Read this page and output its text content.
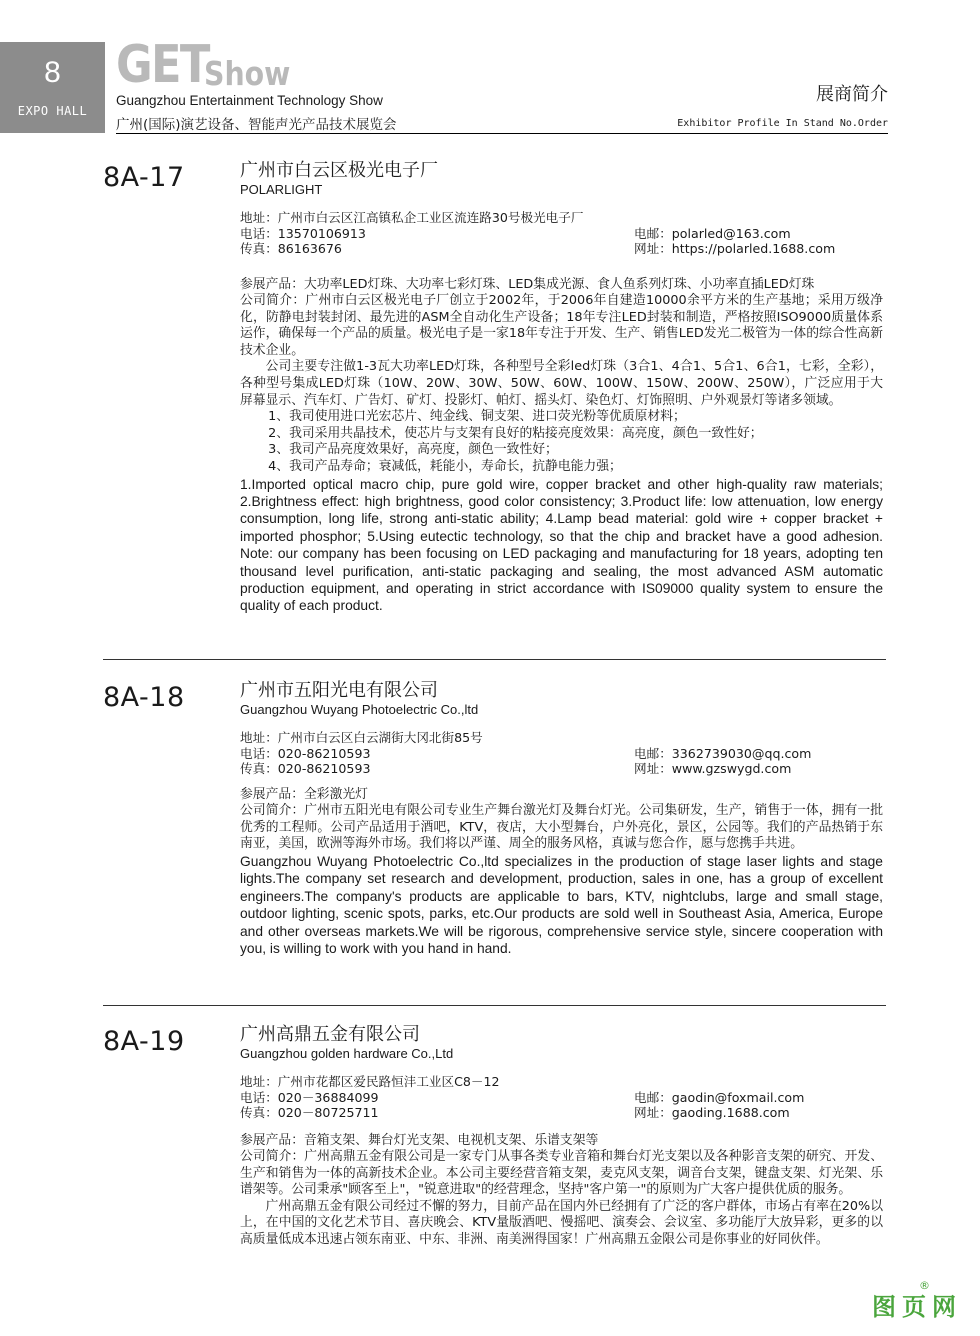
8
EXPO HALL
GET
Show
Guangzhou Entertainment Technology Show
广州(国际)演艺设备、智能声光产品技术展览会
展商简介
Exhibitor Profile In Stand No.Order
8A-17	广州市白云区极光电子厂
POLARLIGHT
地址：广州市白云区江高镇私企工业区流连路30号极光电子厂
电话：13570106913	电邮：polarled@163.com
传真：86163676	网址：https://polarled.1688.com

参展产品：大功率LED灯珠、大功率七彩灯珠、LED集成光源、食人鱼系列灯珠、小功率直插LED灯珠

公司简介：广州市白云区极光电子厂创立于2002年，于2006年自建造10000余平方米的生产基地；采用万级净化，防静电封装封闭、最先进的ASM全自动化生产设备；18年专注LED封装和制造，严格按照ISO9000质量体系运作，确保每一个产品的质量。极光电子是一家18年专注于开发、生产、销售LED发光二极管为一体的综合性高新技术企业。

公司主要专注做1-3瓦大功率LED灯珠，各种型号全彩led灯珠（3合1、4合1、5合1、6合1，七彩，全彩），各种型号集成LED灯珠（10W、20W、30W、50W、60W、100W、150W、200W、250W），广泛应用于大屏幕显示、汽车灯、广告灯、矿灯、投影灯、帕灯、摇头灯、染色灯、灯饰照明、户外观景灯等诸多领域。

1、我司使用进口光宏芯片、纯金线、铜支架、进口荧光粉等优质原材料；
2、我司采用共晶技术，使芯片与支架有良好的粘接亮度效果：高亮度，颜色一致性好；
3、我司产品亮度效果好，高亮度，颜色一致性好；
4、我司产品寿命；衰减低，耗能小，寿命长，抗静电能力强；

1.Imported optical macro chip, pure gold wire, copper bracket and other high-quality raw materials; 2.Brightness effect: high brightness, good color consistency; 3.Product life: low attenuation, low energy consumption, long life, strong anti-static ability; 4.Lamp bead material: gold wire + copper bracket + imported phosphor; 5.Using eutectic technology, so that the chip and bracket have a good adhesion. Note: our company has been focusing on LED packaging and manufacturing for 18 years, adopting ten thousand level purification, anti-static packaging and sealing, the most advanced ASM automatic production equipment, and operating in strict accordance with IS09000 quality system to ensure the quality of each product.

8A-18	广州市五阳光电有限公司
Guangzhou Wuyang Photoelectric Co.,ltd
地址：广州市白云区白云湖街大冈北街85号
电话：020-86210593	电邮：3362739030@qq.com
传真：020-86210593	网址：www.gzswygd.com

参展产品：全彩激光灯

公司简介：广州市五阳光电有限公司专业生产舞台激光灯及舞台灯光。公司集研发，生产，销售于一体，拥有一批优秀的工程师。公司产品适用于酒吧，KTV，夜店，大小型舞台，户外亮化，景区，公园等。我们的产品热销于东南亚，美国，欧洲等海外市场。我们将以严谨、周全的服务风格，真诚与您合作，愿与您携手共进。

Guangzhou Wuyang Photoelectric Co.,ltd specializes in the production of stage laser lights and stage lights.The company set research and development, production, sales in one, has a group of excellent engineers.The company's products are applicable to bars, KTV, nightclubs, large and small stage, outdoor lighting, scenic spots, parks, etc.Our products are sold well in Southeast Asia, America, Europe and other overseas markets.We will be rigorous, comprehensive service style, sincere cooperation with you, is willing to work with you hand in hand.

8A-19	广州高鼎五金有限公司
Guangzhou golden hardware Co.,Ltd
地址：广州市花都区爱民路恒沣工业区C8－12
电话：020－36884099	电邮：gaodin@foxmail.com
传真：020－80725711	网址：gaoding.1688.com

参展产品：音箱支架、舞台灯光支架、电视机支架、乐谱支架等

公司简介：广州高鼎五金有限公司是一家专门从事各类专业音箱和舞台灯光支架以及各种影音支架的研究、开发、生产和销售为一体的高新技术企业。本公司主要经营音箱支架，麦克风支架，调音台支架，键盘支架、灯光架、乐谱架等。公司秉承"顾客至上"，"锐意进取"的经营理念，坚持"客户第一"的原则为广大客户提供优质的服务。

广州高鼎五金有限公司经过不懈的努力，目前产品在国内外已经拥有了广泛的客户群体，市场占有率在20%以上，在中国的文化艺术节目、喜庆晚会、KTV量版酒吧、慢摇吧、演奏会、会议室、多功能厅大放异彩，更多的以高质量低成本迅速占领东南亚、中东、非洲、南美洲得国家！广州高鼎五金限公司是你事业的好同伙伴。

®
图页网
